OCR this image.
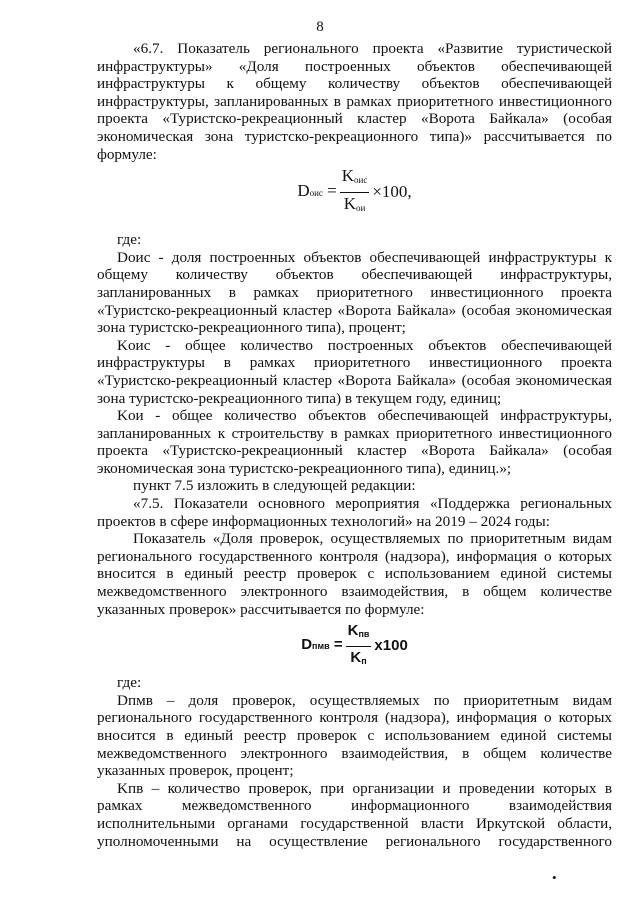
8

«6.7. Показатель регионального проекта «Развитие туристической

инфраструктуры» «Доля построенных объектов обеспечивающей

инфраструктуры к общему количеству объектов обеспечивающей

инфраструктуры, запланированных в рамках приоритетного инвестиционного

проекта «Туристско-рекреационный кластер «Ворота Байкала» (особая

экономическая зона туристско-рекреационного типа)» рассчитывается по

формуле:

D оис = $\frac{K_{оис}}{K_{ои}} \times 100$,

где:

Dоис - доля построенных объектов обеспечивающей инфраструктуры к

общему количеству объектов обеспечивающей инфраструктуры,

запланированных в рамках приоритетного инвестиционного проекта

«Туристско-рекреационный кластер «Ворота Байкала» (особая экономическая

зона туристско-рекреационного типа), процент;

Kоис - общее количество построенных объектов обеспечивающей

инфраструктуры в рамках приоритетного инвестиционного проекта

«Туристско-рекреационный кластер «Ворота Байкала» (особая экономическая

зона туристско-рекреационного типа) в текущем году, единиц;

Kои - общее количество объектов обеспечивающей инфраструктуры,

запланированных к строительству в рамках приоритетного инвестиционного

проекта «Туристско-рекреационный кластер «Ворота Байкала» (особая

экономическая зона туристско-рекреационного типа), единиц.»;

пункт 7.5 изложить в следующей редакции:

«7.5. Показатели основного мероприятия «Поддержка региональных

проектов в сфере информационных технологий» на 2019 – 2024 годы:

Показатель «Доля проверок, осуществляемых по приоритетным видам

регионального государственного контроля (надзора), информация о которых

вносится в единый реестр проверок с использованием единой системы

межведомственного электронного взаимодействия, в общем количестве

указанных проверок» рассчитывается по формуле:

D пмв = $\frac{K_{пв}}{K_п} x100$

где:

Dпмв – доля проверок, осуществляемых по приоритетным видам

регионального государственного контроля (надзора), информация о которых

вносится в единый реестр проверок с использованием единой системы

межведомственного электронного взаимодействия, в общем количестве

указанных проверок, процент;

Kпв – количество проверок, при организации и проведении которых в

рамках межведомственного информационного взаимодействия

исполнительными органами государственной власти Иркутской области,

уполномоченными на осуществление регионального государственного

•
